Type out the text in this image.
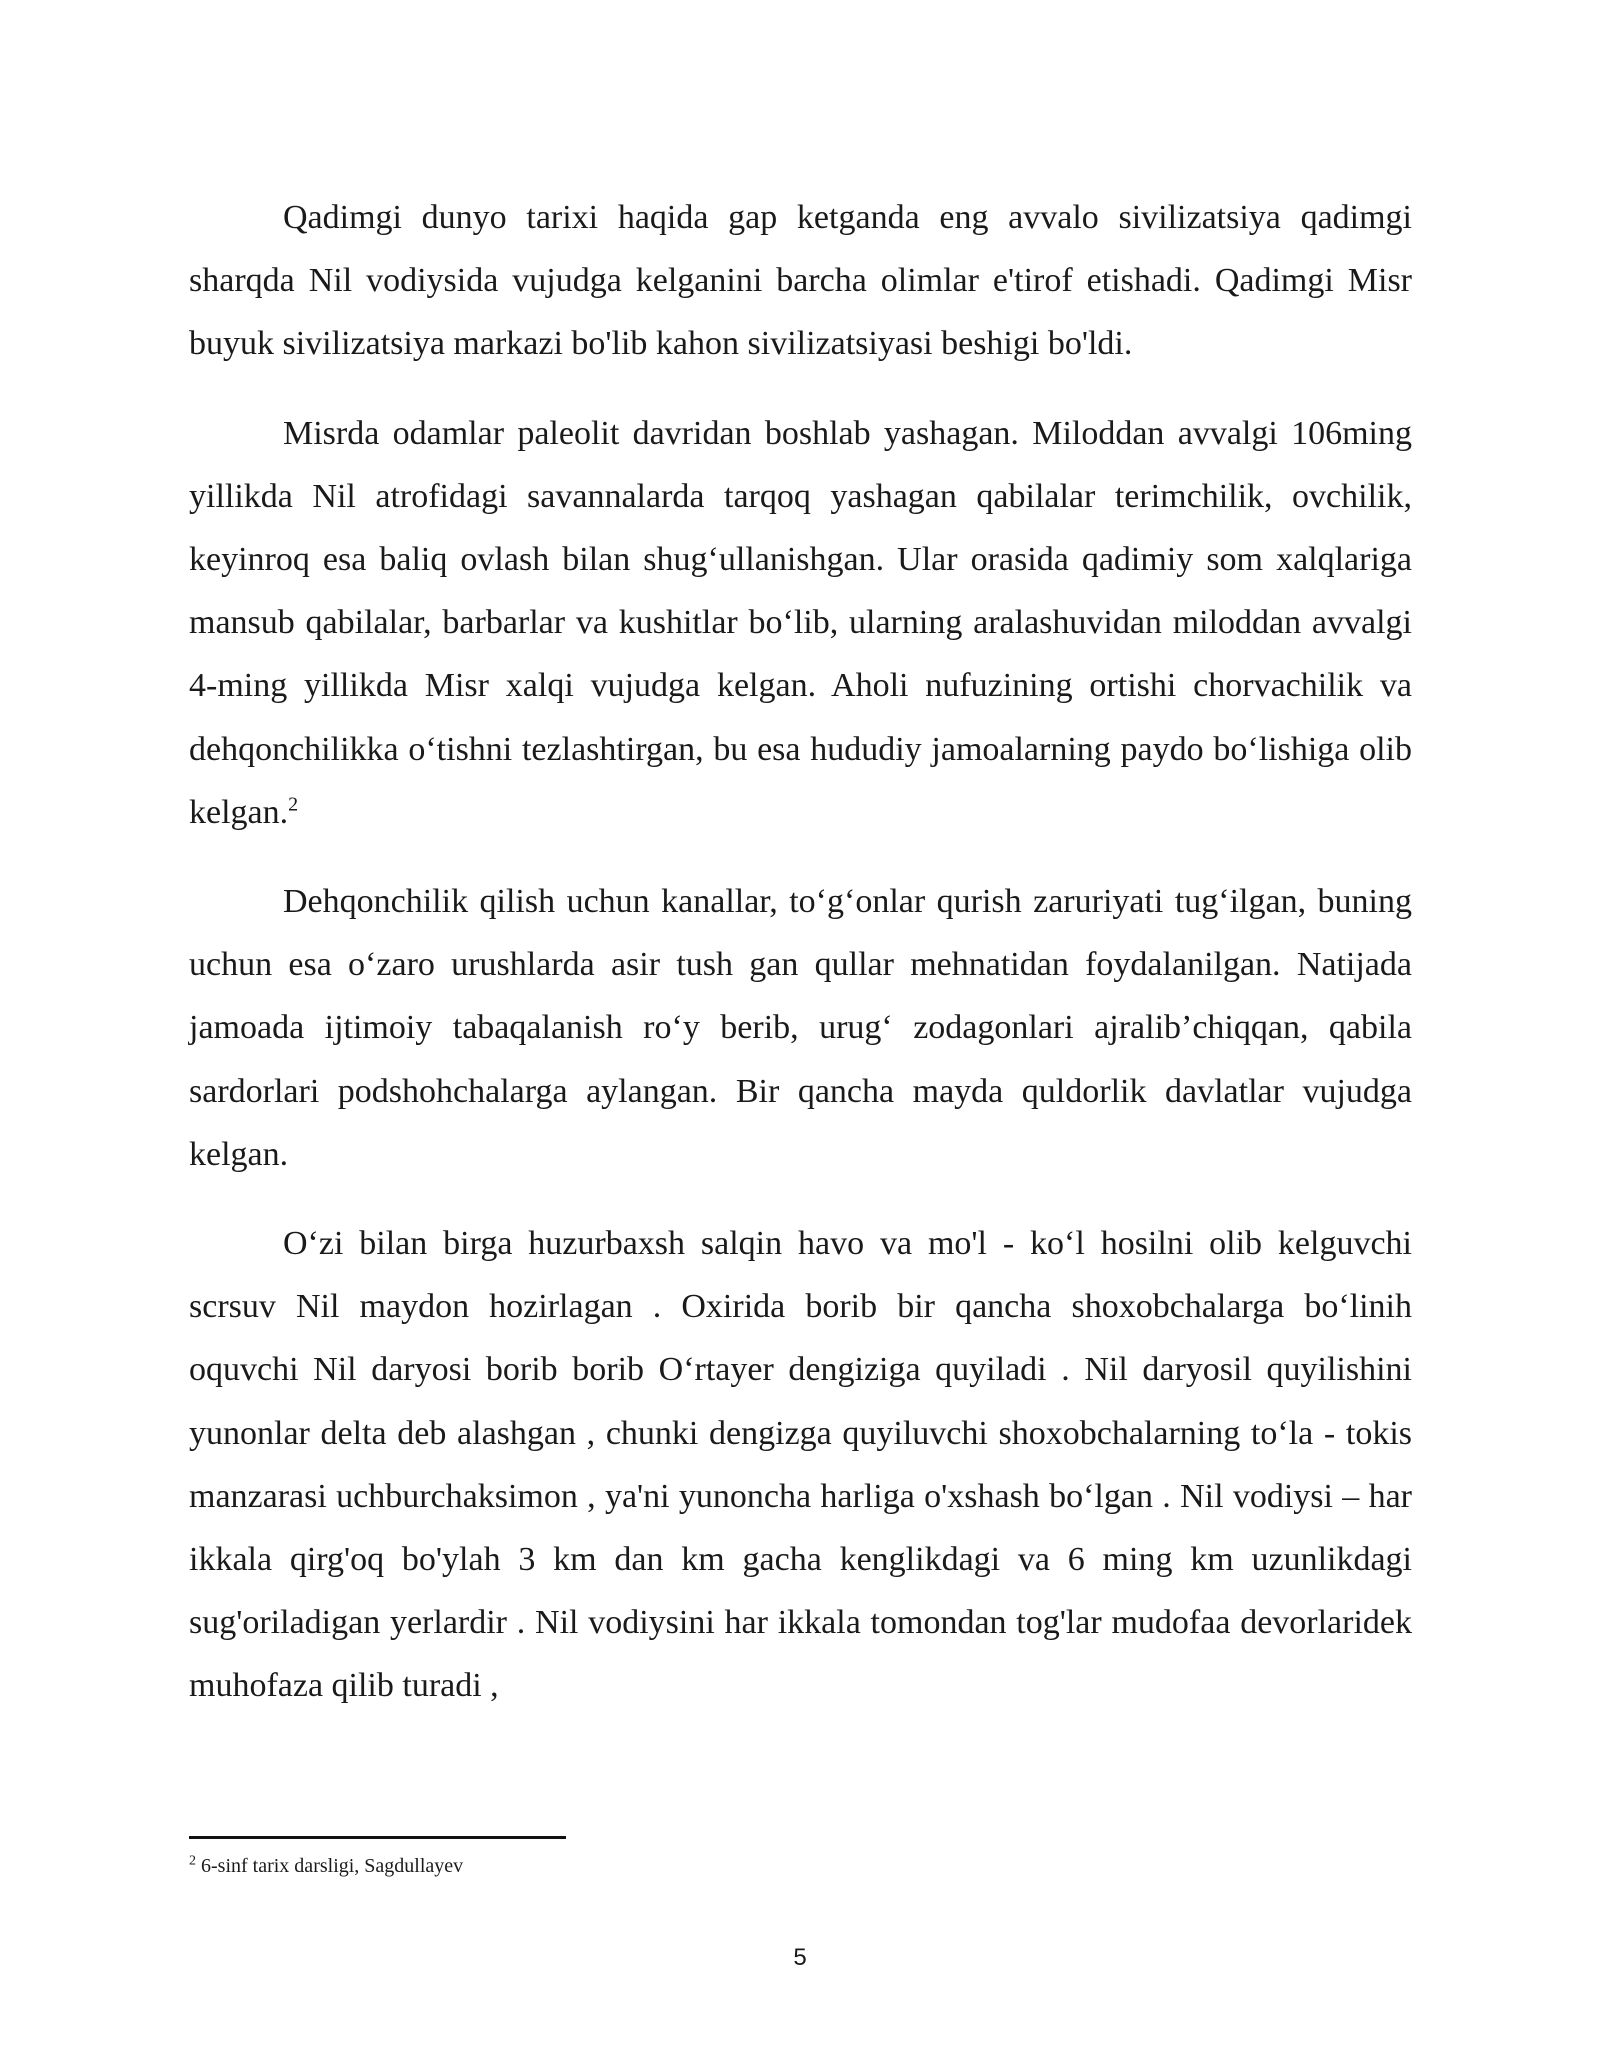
Qadimgi dunyo tarixi haqida gap ketganda eng avvalo sivilizatsiya qadimgi sharqda Nil vodiysida vujudga kelganini barcha olimlar e'tirof etishadi. Qadimgi Misr buyuk sivilizatsiya markazi bo'lib kahon sivilizatsiyasi beshigi bo'ldi.

Misrda odamlar paleolit davridan boshlab yashagan. Miloddan avvalgi 106ming yillikda Nil atrofidagi savannalarda tarqoq yashagan qabilalar terimchilik, ovchilik, keyinroq esa baliq ovlash bilan shug‘ullanishgan. Ular orasida qadimiy som xalqlariga mansub qabilalar, barbarlar va kushitlar bo‘lib, ularning aralashuvidan miloddan avvalgi 4-ming yillikda Misr xalqi vujudga kelgan. Aholi nufuzining ortishi chorvachilik va dehqonchilikka o‘tishni tezlashtirgan, bu esa hududiy jamoalarning paydo bo‘lishiga olib kelgan.$^2$

Dehqonchilik qilish uchun kanallar, to‘g‘onlar qurish zaruriyati tug‘ilgan, buning uchun esa o‘zaro urushlarda asir tush gan qullar mehnatidan foydalanilgan. Natijada jamoada ijtimoiy tabaqalanish ro‘y berib, urug‘ zodagonlari ajralib’chiqqan, qabila sardorlari podshohchalarga aylangan. Bir qancha mayda quldorlik davlatlar vujudga kelgan.

O‘zi bilan birga huzurbaxsh salqin havo va mo'l - ko‘l hosilni olib kelguvchi scrsuv Nil maydon hozirlagan . Oxirida borib bir qancha shoxobchalarga bo‘linih oquvchi Nil daryosi borib borib O‘rtayer dengiziga quyiladi . Nil daryosil quyilishini yunonlar delta deb alashgan , chunki dengizga quyiluvchi shoxobchalarning to‘la - tokis manzarasi uchburchaksimon , ya'ni yunoncha harliga o'xshash bo‘lgan . Nil vodiysi – har ikkala qirg'oq bo'ylah 3 km dan km gacha kenglikdagi va 6 ming km uzunlikdagi sug'oriladigan yerlardir . Nil vodiysini har ikkala tomondan tog'lar mudofaa devorlaridek muhofaza qilib turadi ,

$^2$ 6-sinf tarix darsligi, Sagdullayev
5
